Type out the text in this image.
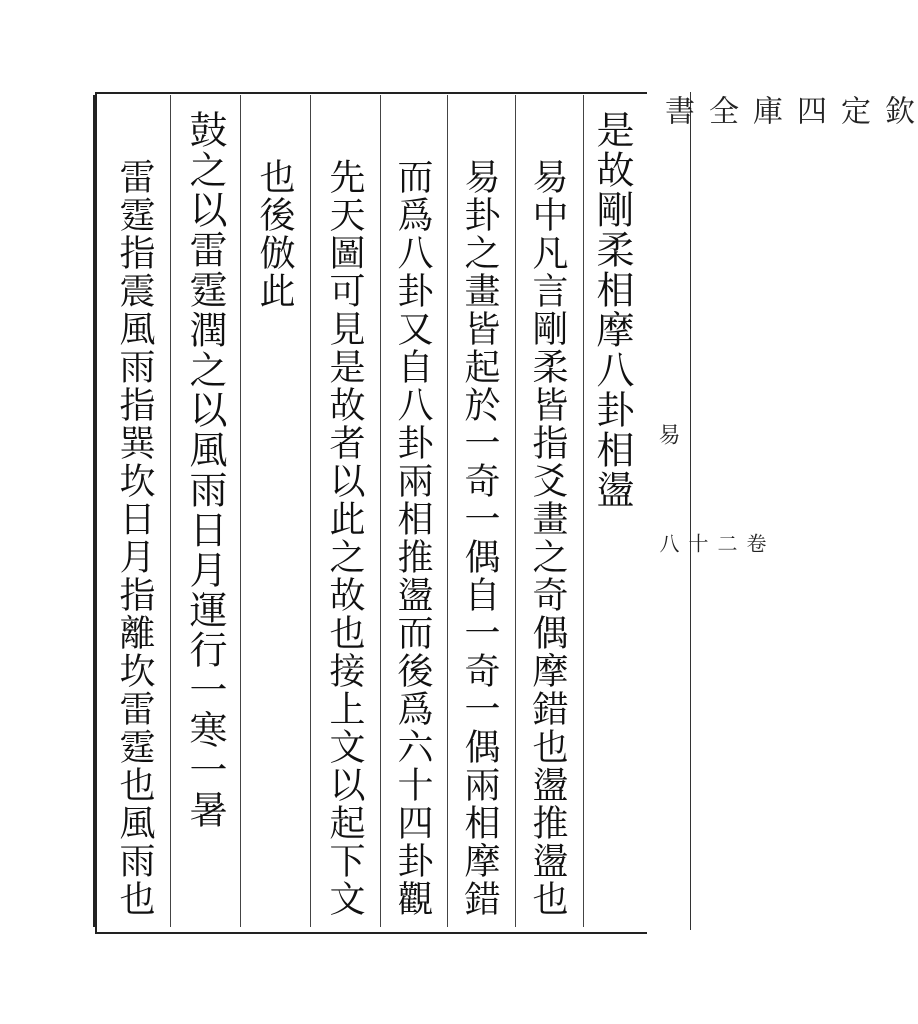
欽定四庫全書
易
卷二十八
是故剛柔相摩八卦相盪
易中凡言剛柔皆指爻畫之奇偶摩錯也盪推盪也
易卦之畫皆起於一奇一偶自一奇一偶兩相摩錯
而爲八卦又自八卦兩相推盪而後爲六十四卦觀
先天圖可見是故者以此之故也接上文以起下文
也後倣此
鼓之以雷霆潤之以風雨日月運行一寒一暑
雷霆指震風雨指巽坎日月指離坎雷霆也風雨也
